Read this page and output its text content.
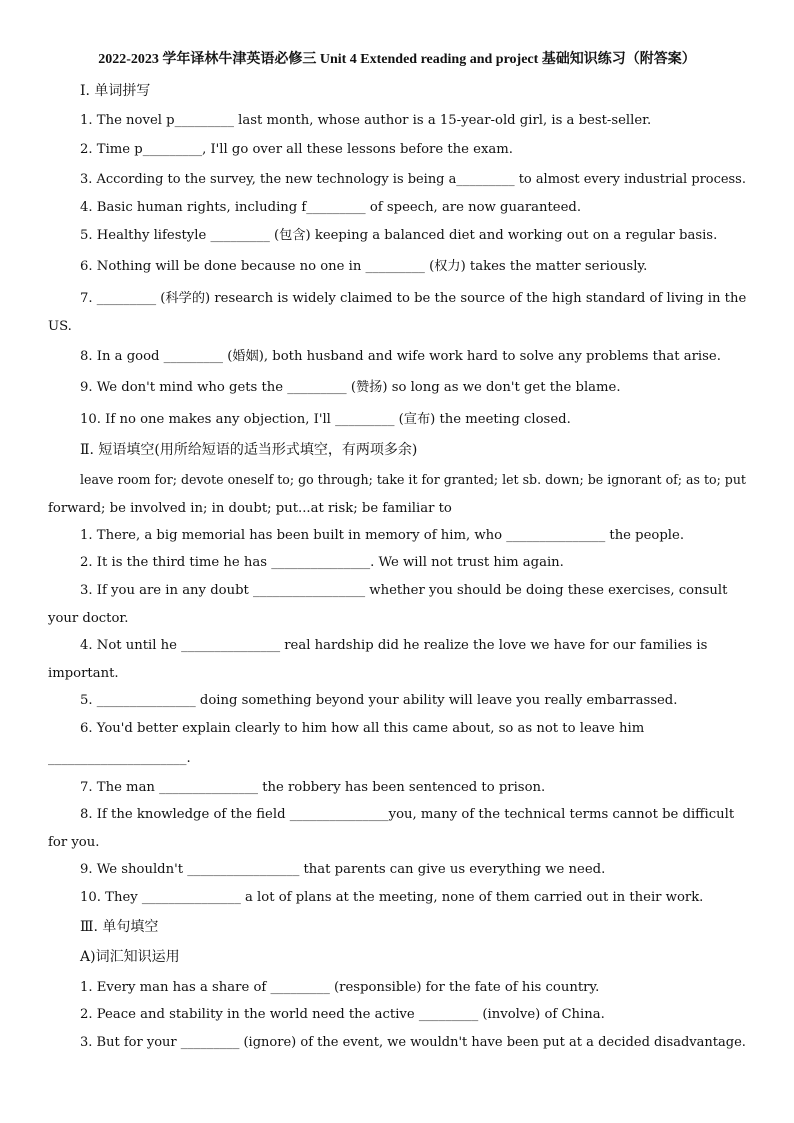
2022-2023 学年译林牛津英语必修三 Unit 4 Extended reading and project 基础知识练习（附答案）
Ⅰ. 单词拼写
1. The novel p_________ last month, whose author is a 15-year-old girl, is a best-seller.
2. Time p_________, I'll go over all these lessons before the exam.
3. According to the survey, the new technology is being a_________ to almost every industrial process.
4. Basic human rights, including f_________ of speech, are now guaranteed.
5. Healthy lifestyle _________ (包含) keeping a balanced diet and working out on a regular basis.
6. Nothing will be done because no one in _________ (权力) takes the matter seriously.
7. _________ (科学的) research is widely claimed to be the source of the high standard of living in the
US.
8. In a good _________ (婚姻), both husband and wife work hard to solve any problems that arise.
9. We don't mind who gets the _________ (赞扬) so long as we don't get the blame.
10. If no one makes any objection, I'll _________ (宣布) the meeting closed.
Ⅱ. 短语填空(用所给短语的适当形式填空，有两项多余)
leave room for; devote oneself to; go through; take it for granted; let sb. down; be ignorant of; as to; put
forward; be involved in; in doubt; put...at risk; be familiar to
1. There, a big memorial has been built in memory of him, who _______________ the people.
2. It is the third time he has _______________. We will not trust him again.
3. If you are in any doubt _________________ whether you should be doing these exercises, consult
your doctor.
4. Not until he _______________ real hardship did he realize the love we have for our families is
important.
5. _______________ doing something beyond your ability will leave you really embarrassed.
6. You'd better explain clearly to him how all this came about, so as not to leave him
_____________________.
7. The man _______________ the robbery has been sentenced to prison.
8. If the knowledge of the field _______________you, many of the technical terms cannot be difficult
for you.
9. We shouldn't _________________ that parents can give us everything we need.
10. They _______________ a lot of plans at the meeting, none of them carried out in their work.
Ⅲ. 单句填空
A)词汇知识运用
1. Every man has a share of _________ (responsible) for the fate of his country.
2. Peace and stability in the world need the active _________ (involve) of China.
3. But for your _________ (ignore) of the event, we wouldn't have been put at a decided disadvantage.
